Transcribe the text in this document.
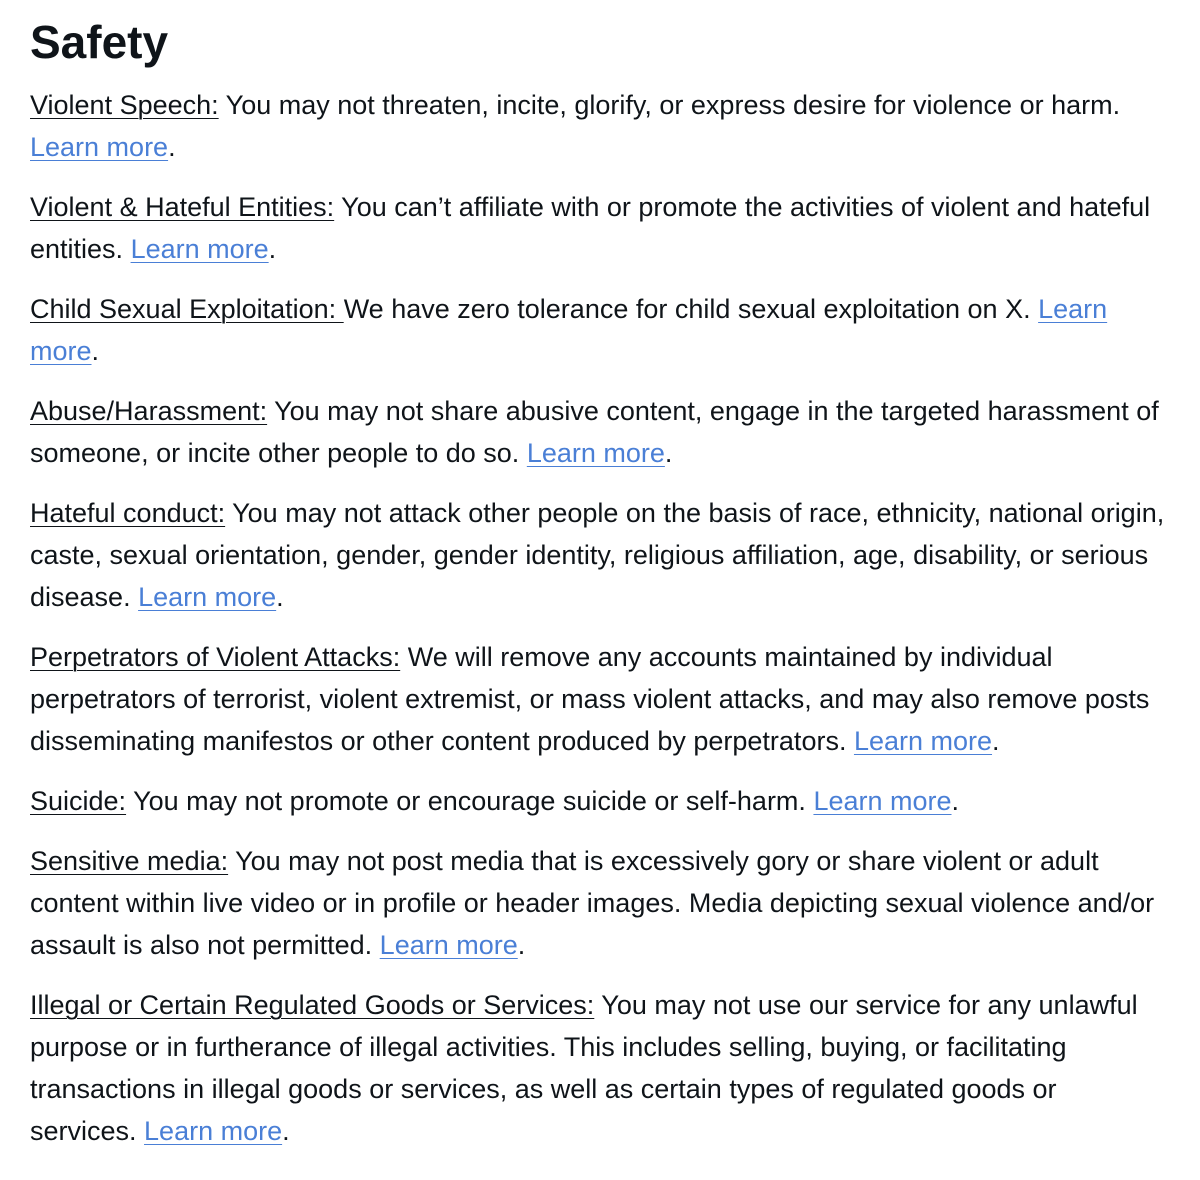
Safety

Violent Speech: You may not threaten, incite, glorify, or express desire for violence or harm. Learn more.

Violent & Hateful Entities: You can’t affiliate with or promote the activities of violent and hateful entities. Learn more.

Child Sexual Exploitation: We have zero tolerance for child sexual exploitation on X. Learn more.

Abuse/Harassment: You may not share abusive content, engage in the targeted harassment of someone, or incite other people to do so. Learn more.

Hateful conduct: You may not attack other people on the basis of race, ethnicity, national origin, caste, sexual orientation, gender, gender identity, religious affiliation, age, disability, or serious disease. Learn more.

Perpetrators of Violent Attacks: We will remove any accounts maintained by individual perpetrators of terrorist, violent extremist, or mass violent attacks, and may also remove posts disseminating manifestos or other content produced by perpetrators. Learn more.

Suicide: You may not promote or encourage suicide or self-harm. Learn more.

Sensitive media: You may not post media that is excessively gory or share violent or adult content within live video or in profile or header images. Media depicting sexual violence and/or assault is also not permitted. Learn more.

Illegal or Certain Regulated Goods or Services: You may not use our service for any unlawful purpose or in furtherance of illegal activities. This includes selling, buying, or facilitating transactions in illegal goods or services, as well as certain types of regulated goods or services. Learn more.
